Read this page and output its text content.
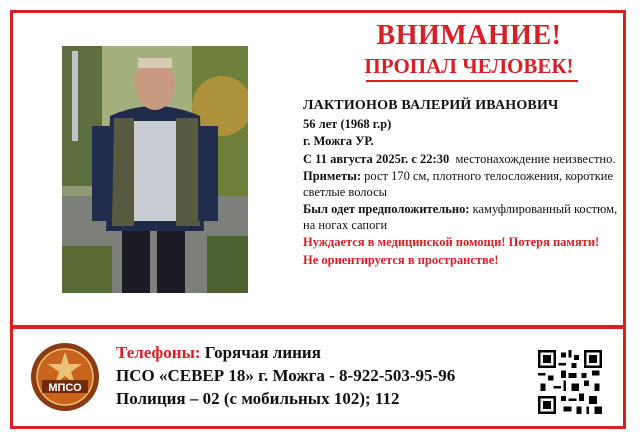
ВНИМАНИЕ!
ПРОПАЛ ЧЕЛОВЕК!

ЛАКТИОНОВ ВАЛЕРИЙ ИВАНОВИЧ

56 лет (1968 г.р)

г. Можга УР.

С 11 августа 2025г. с 22:30 местонахождение неизвестно.

Приметы: рост 170 см, плотного телосложения, короткие светлые волосы

Был одет предположительно: камуфлированный костюм, на ногах сапоги

Нуждается в медицинской помощи! Потеря памяти!

Не ориентируется в пространстве!

МПСО
Телефоны: Горячая линия
ПСО «СЕВЕР 18» г. Можга - 8-922-503-95-96
Полиция – 02 (с мобильных 102); 112
